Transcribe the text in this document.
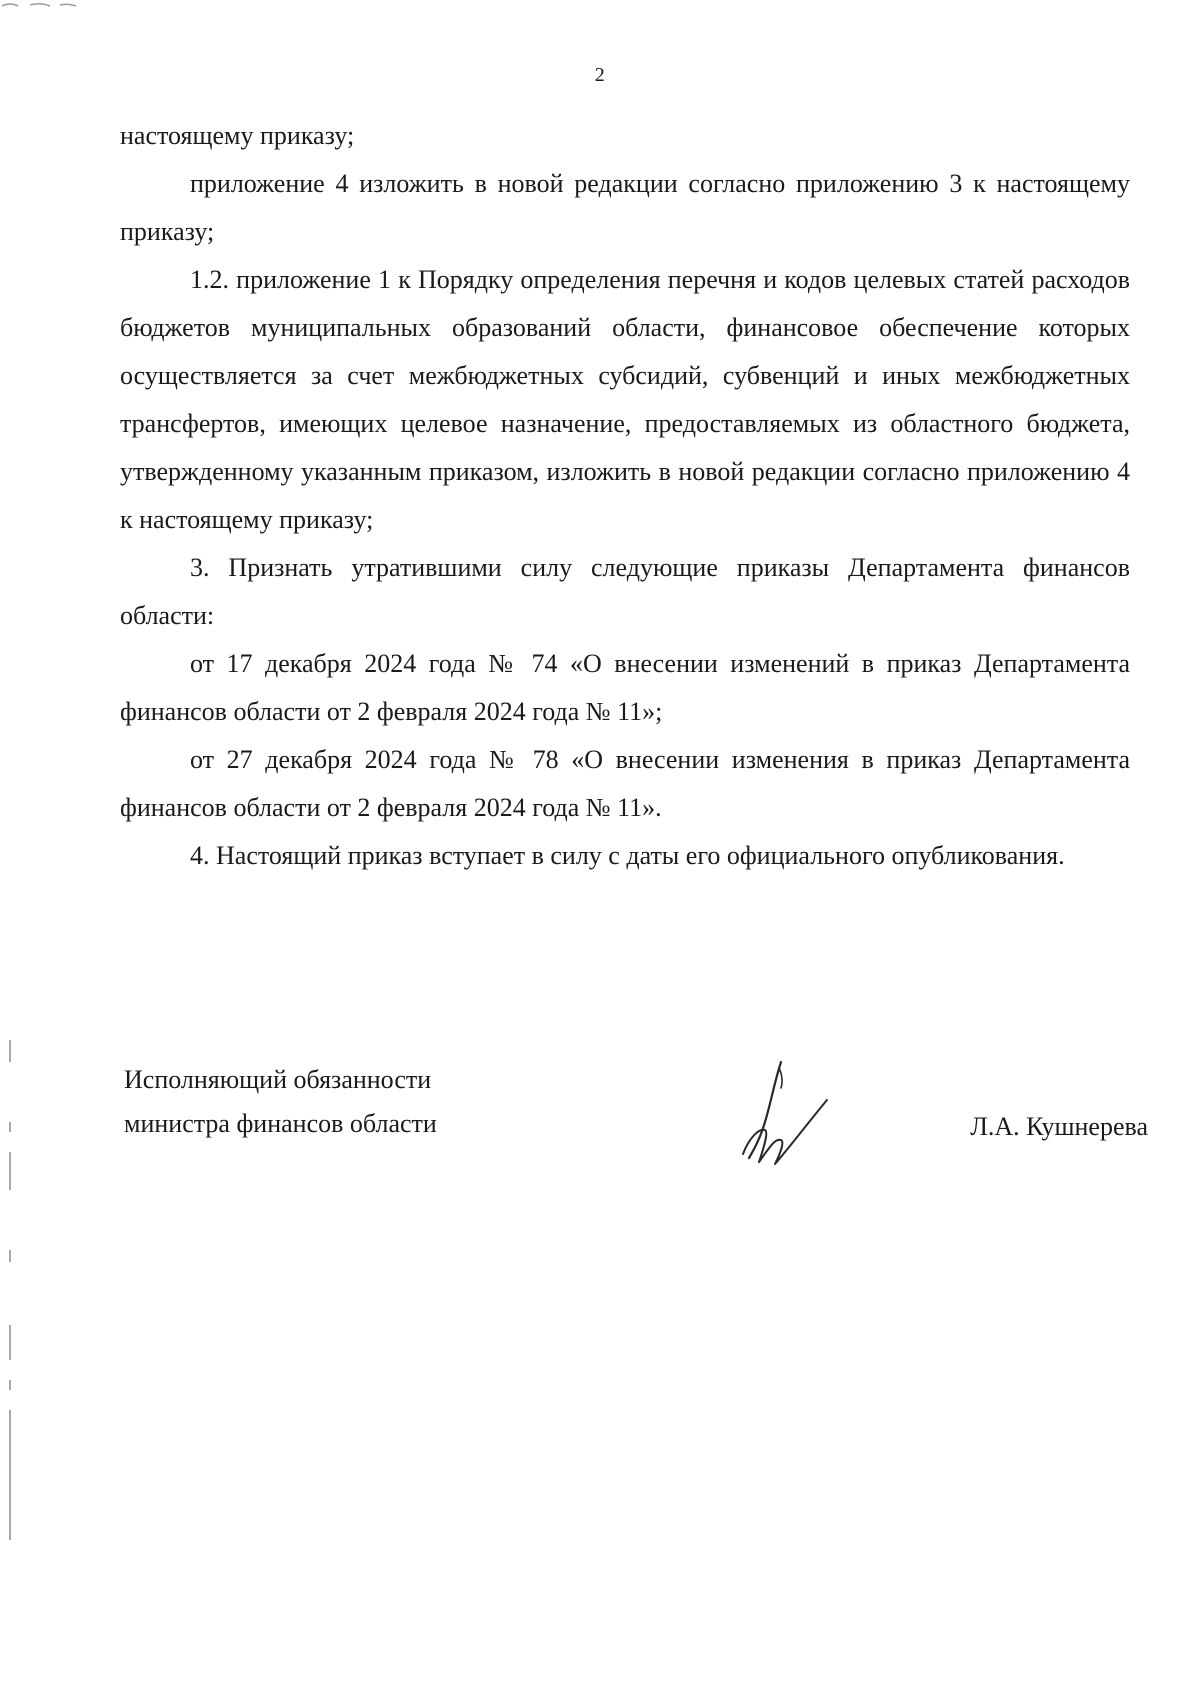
2

настоящему приказу;

приложение 4 изложить в новой редакции согласно приложению 3 к настоящему приказу;

1.2. приложение 1 к Порядку определения перечня и кодов целевых статей расходов бюджетов муниципальных образований области, финансовое обеспечение которых осуществляется за счет межбюджетных субсидий, субвенций и иных межбюджетных трансфертов, имеющих целевое назначение, предоставляемых из областного бюджета, утвержденному указанным приказом, изложить в новой редакции согласно приложению 4 к настоящему приказу;

3. Признать утратившими силу следующие приказы Департамента финансов области:

от 17 декабря 2024 года № 74 «О внесении изменений в приказ Департамента финансов области от 2 февраля 2024 года № 11»;

от 27 декабря 2024 года № 78 «О внесении изменения в приказ Департамента финансов области от 2 февраля 2024 года № 11».

4. Настоящий приказ вступает в силу с даты его официального опубликования.

Исполняющий обязанности
министра финансов области	Л.А. Кушнерева
